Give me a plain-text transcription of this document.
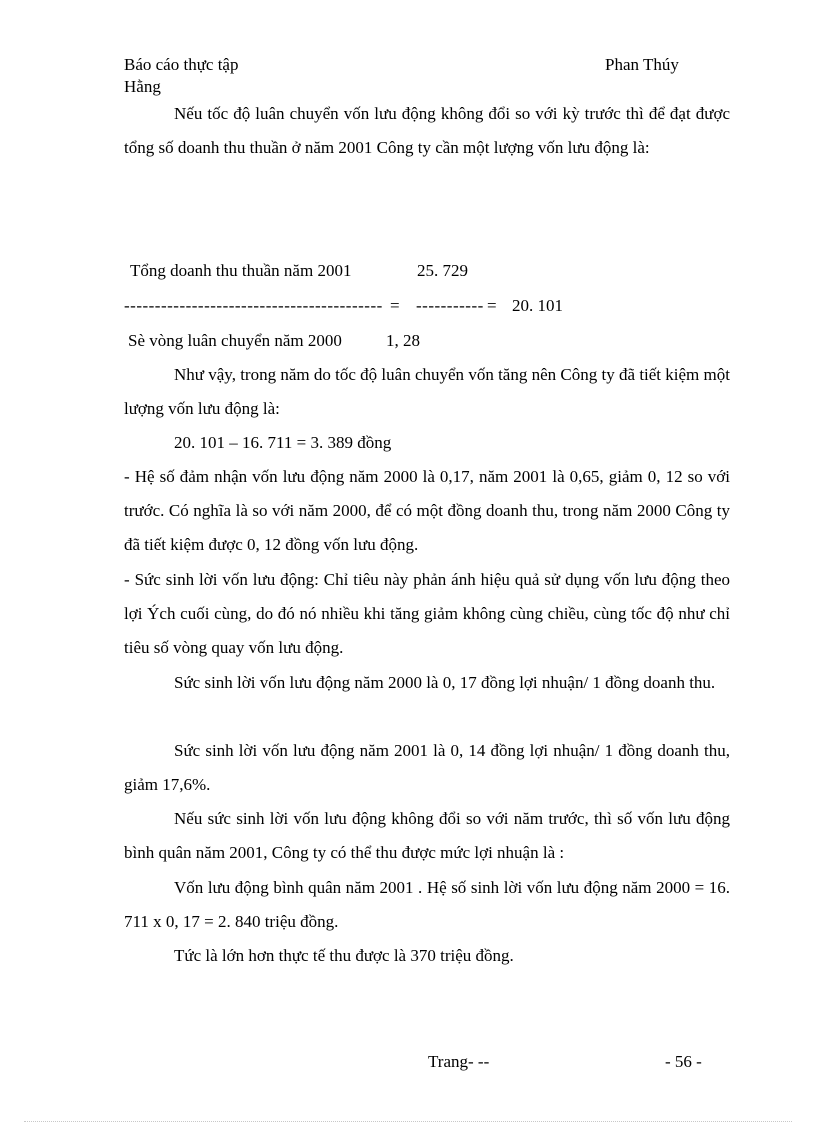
Báo cáo thực tập	Phan Thúy
Hằng
Nếu tốc độ luân chuyển vốn lưu động không đổi so với kỳ trước thì để đạt được tổng số doanh thu thuần ở năm 2001 Công ty cần một lượng vốn lưu động là:
Tổng doanh thu thuần năm 2001	25. 729
------------------------------------------ = ----------- = 20. 101
Sè vòng luân chuyển năm 2000	1, 28
Như vậy, trong năm do tốc độ luân chuyển vốn tăng nên Công ty đã tiết kiệm một lượng vốn lưu động là:
20. 101 – 16. 711 = 3. 389 đồng
- Hệ số đảm nhận vốn lưu động năm 2000 là 0,17, năm 2001 là 0,65, giảm 0, 12 so với trước. Có nghĩa là so với năm 2000, để có một đồng doanh thu, trong năm 2000 Công ty đã tiết kiệm được 0, 12 đồng vốn lưu động.
- Sức sinh lời vốn lưu động: Chỉ tiêu này phản ánh hiệu quả sử dụng vốn lưu động theo lợi Ých cuối cùng, do đó nó nhiều khi tăng giảm không cùng chiều, cùng tốc độ như chỉ tiêu số vòng quay vốn lưu động.
Sức sinh lời vốn lưu động năm 2000 là 0, 17 đồng lợi nhuận/ 1 đồng doanh thu.
Sức sinh lời vốn lưu động năm 2001 là 0, 14 đồng lợi nhuận/ 1 đồng doanh thu, giảm 17,6%.
Nếu sức sinh lời vốn lưu động không đổi so với năm trước, thì số vốn lưu động bình quân năm 2001, Công ty có thể thu được mức lợi nhuận là :
Vốn lưu động bình quân năm 2001 . Hệ số sinh lời vốn lưu động năm 2000 = 16. 711 x 0, 17 = 2. 840 triệu đồng.
Tức là lớn hơn thực tế thu được là 370 triệu đồng.
Trang- --	- 56 -
